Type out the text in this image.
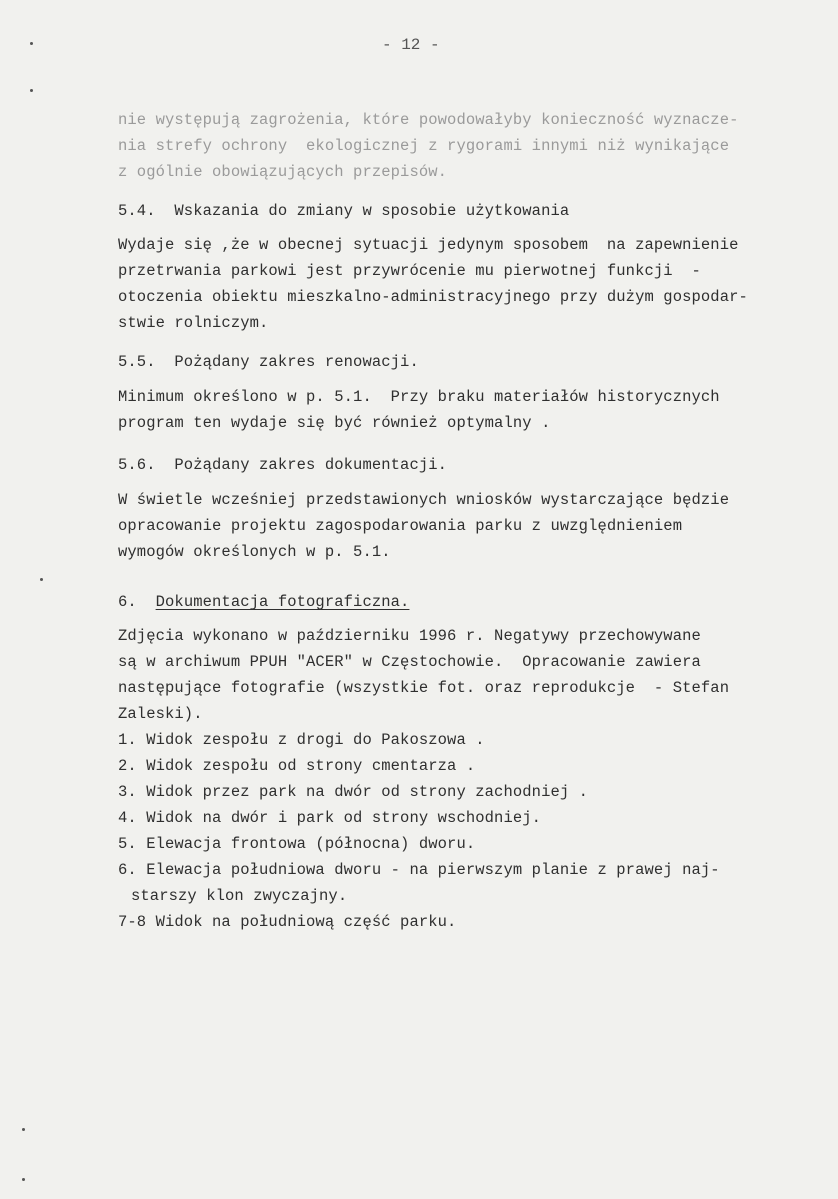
- 12 -
nie występują zagrożenia, które powodowałyby konieczność wyznacze-
nia strefy ochrony  ekologicznej z rygorami innymi niż wynikające
z ogólnie obowiązujących przepisów.
5.4.  Wskazania do zmiany w sposobie użytkowania
Wydaje się ,że w obecnej sytuacji jedynym sposobem  na zapewnienie
przetrwania parkowi jest przywrócenie mu pierwotnej funkcji  -
otoczenia obiektu mieszkalno-administracyjnego przy dużym gospodar-
stwie rolniczym.
5.5.  Pożądany zakres renowacji.
Minimum określono w p. 5.1.  Przy braku materiałów historycznych
program ten wydaje się być również optymalny .
5.6.  Pożądany zakres dokumentacji.
W świetle wcześniej przedstawionych wniosków wystarczające będzie
opracowanie projektu zagospodarowania parku z uwzględnieniem
wymogów określonych w p. 5.1.
6.  Dokumentacja fotograficzna.
Zdjęcia wykonano w październiku 1996 r. Negatywy przechowywane
są w archiwum PPUH "ACER" w Częstochowie.  Opracowanie zawiera
następujące fotografie (wszystkie fot. oraz reprodukcje  - Stefan
Zaleski).
1. Widok zespołu z drogi do Pakoszowa .
2. Widok zespołu od strony cmentarza .
3. Widok przez park na dwór od strony zachodniej .
4. Widok na dwór i park od strony wschodniej.
5. Elewacja frontowa (północna) dworu.
6. Elewacja południowa dworu - na pierwszym planie z prawej naj-
starszy klon zwyczajny.
7-8 Widok na południową część parku.
